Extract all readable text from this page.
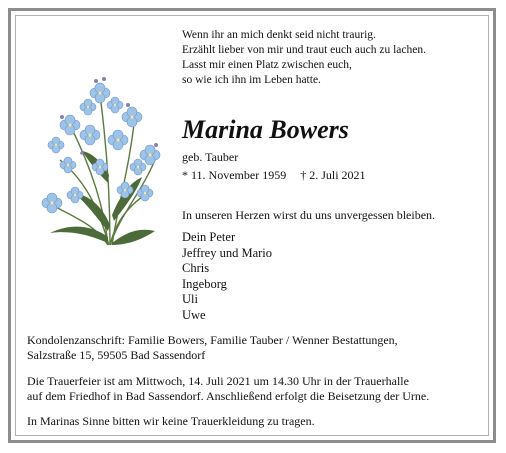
Wenn ihr an mich denkt seid nicht traurig.
Erzählt lieber von mir und traut euch auch zu lachen.
Lasst mir einen Platz zwischen euch,
so wie ich ihn im Leben hatte.
Marina Bowers
geb. Tauber
* 11. November 1959 † 2. Juli 2021
In unseren Herzen wirst du uns unvergessen bleiben.
Dein Peter
Jeffrey und Mario
Chris
Ingeborg
Uli
Uwe
Kondolenzanschrift: Familie Bowers, Familie Tauber / Wenner Bestattungen,
Salzstraße 15, 59505 Bad Sassendorf
Die Trauerfeier ist am Mittwoch, 14. Juli 2021 um 14.30 Uhr in der Trauerhalle
auf dem Friedhof in Bad Sassendorf. Anschließend erfolgt die Beisetzung der Urne.
In Marinas Sinne bitten wir keine Trauerkleidung zu tragen.
